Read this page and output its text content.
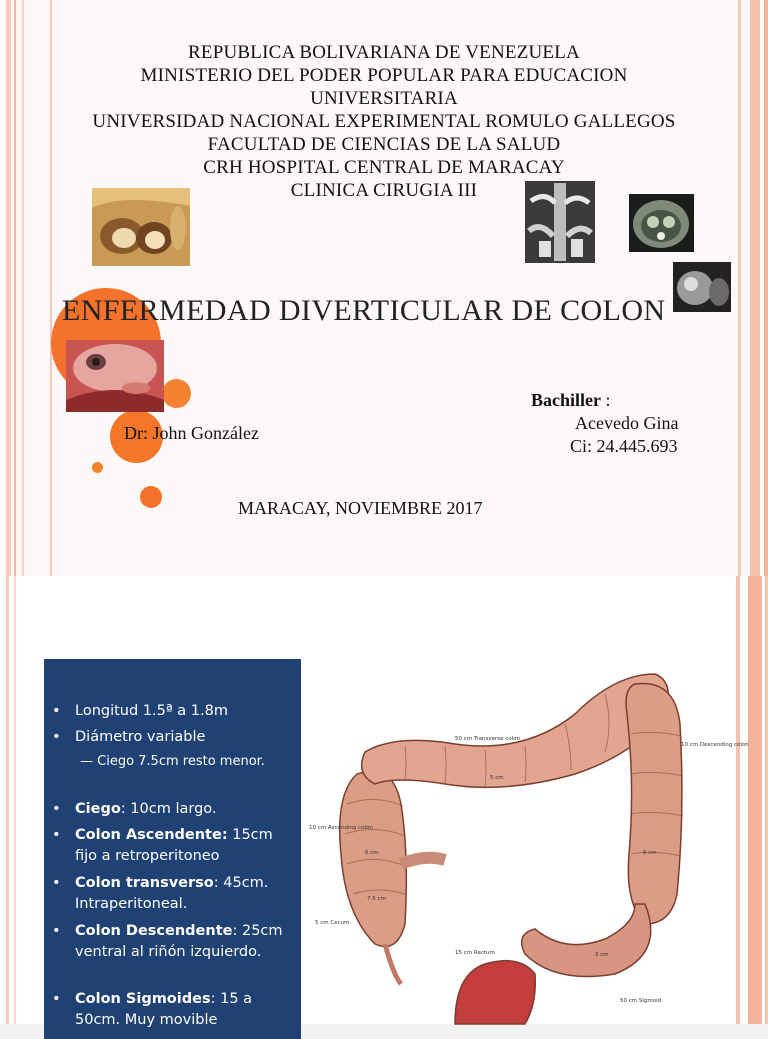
REPUBLICA BOLIVARIANA DE VENEZUELA
MINISTERIO DEL PODER POPULAR PARA EDUCACION
UNIVERSITARIA
UNIVERSIDAD NACIONAL EXPERIMENTAL ROMULO GALLEGOS
FACULTAD DE CIENCIAS DE LA SALUD
CRH HOSPITAL CENTRAL DE MARACAY
CLINICA CIRUGIA III
ENFERMEDAD DIVERTICULAR DE COLON
Dr: John González
Bachiller :
Acevedo Gina
Ci: 24.445.693
MARACAY, NOVIEMBRE 2017
• Longitud 1.5ª a 1.8m
• Diámetro variable
— Ciego 7.5cm resto menor.
• Ciego: 10cm largo.
• Colon Ascendente: 15cm fijo a retroperitoneo
• Colon transverso: 45cm. Intraperitoneal.
• Colon Descendente: 25cm ventral al riñón izquierdo.
• Colon Sigmoides: 15 a 50cm. Muy movible
50 cm Transverse colon
10 cm Descending colon
10 cm Ascending colon
5 cm Cecum
15 cm Rectum
50 cm Sigmoid
6 cm	6 cm
3 cm
5 cm
7.5 cm
